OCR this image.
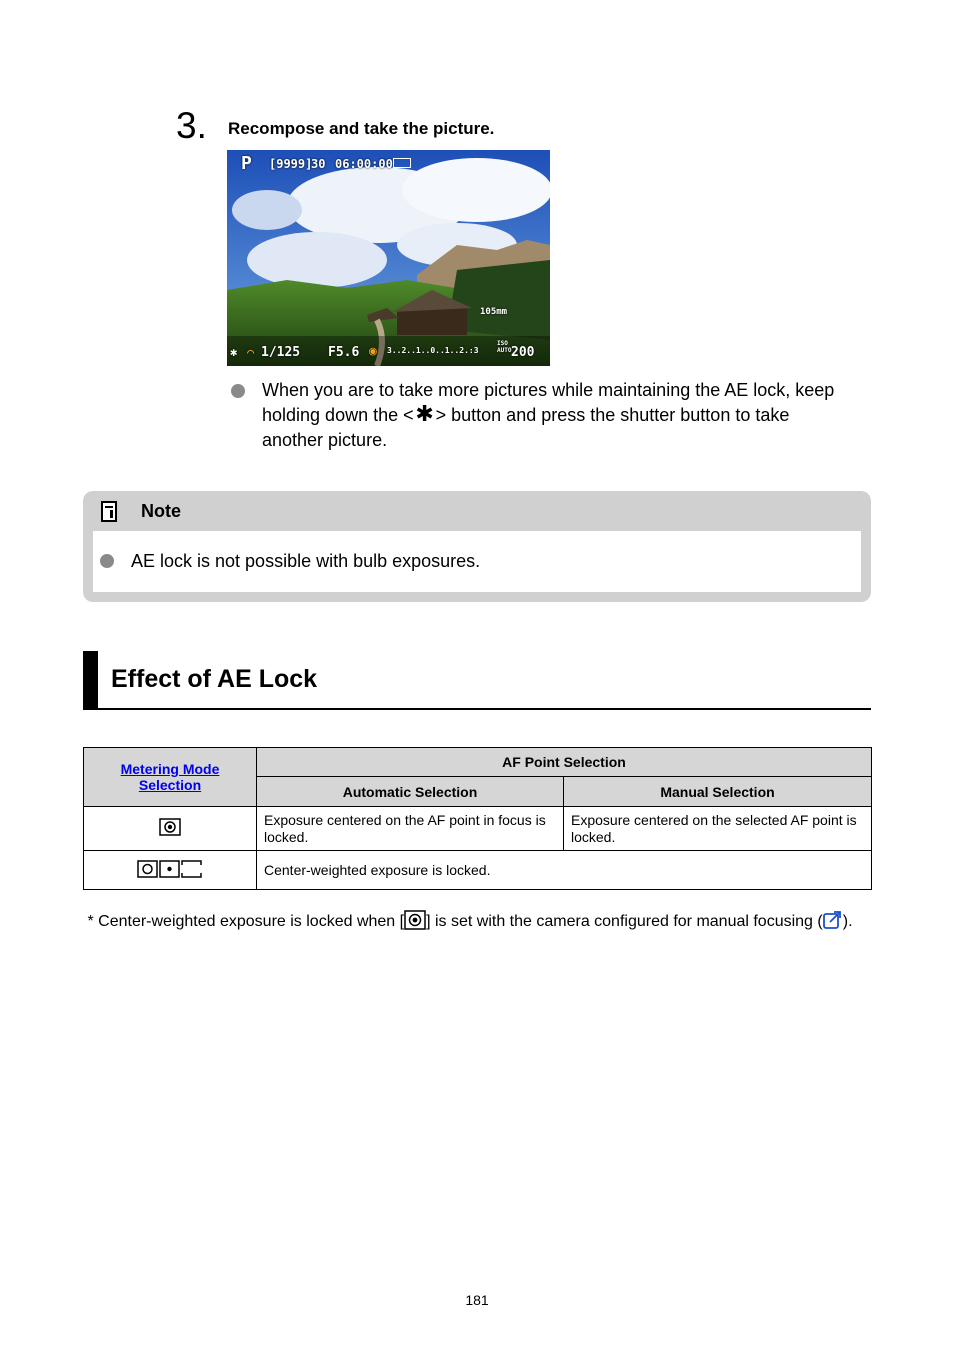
3. Recompose and take the picture.
P [9999]
30 06:00:00
105mm
✱ ⌒ 1/125 F5.6 ◉ 3..2..1..0..1..2.:3
ISO AUTO 200
When you are to take more pictures while maintaining the AE lock, keep holding down the <✱> button and press the shutter button to take another picture.
Note
AE lock is not possible with bulb exposures.
Effect of AE Lock
Metering Mode
Selection	AF Point Selection	
	Automatic Selection	Manual Selection
	Exposure centered on the AF point in focus is locked.	Exposure centered on the selected AF point is locked.
	Center-weighted exposure is locked.	
* Center-weighted exposure is locked when [ ] is set with the camera configured for manual focusing ( ).
181
